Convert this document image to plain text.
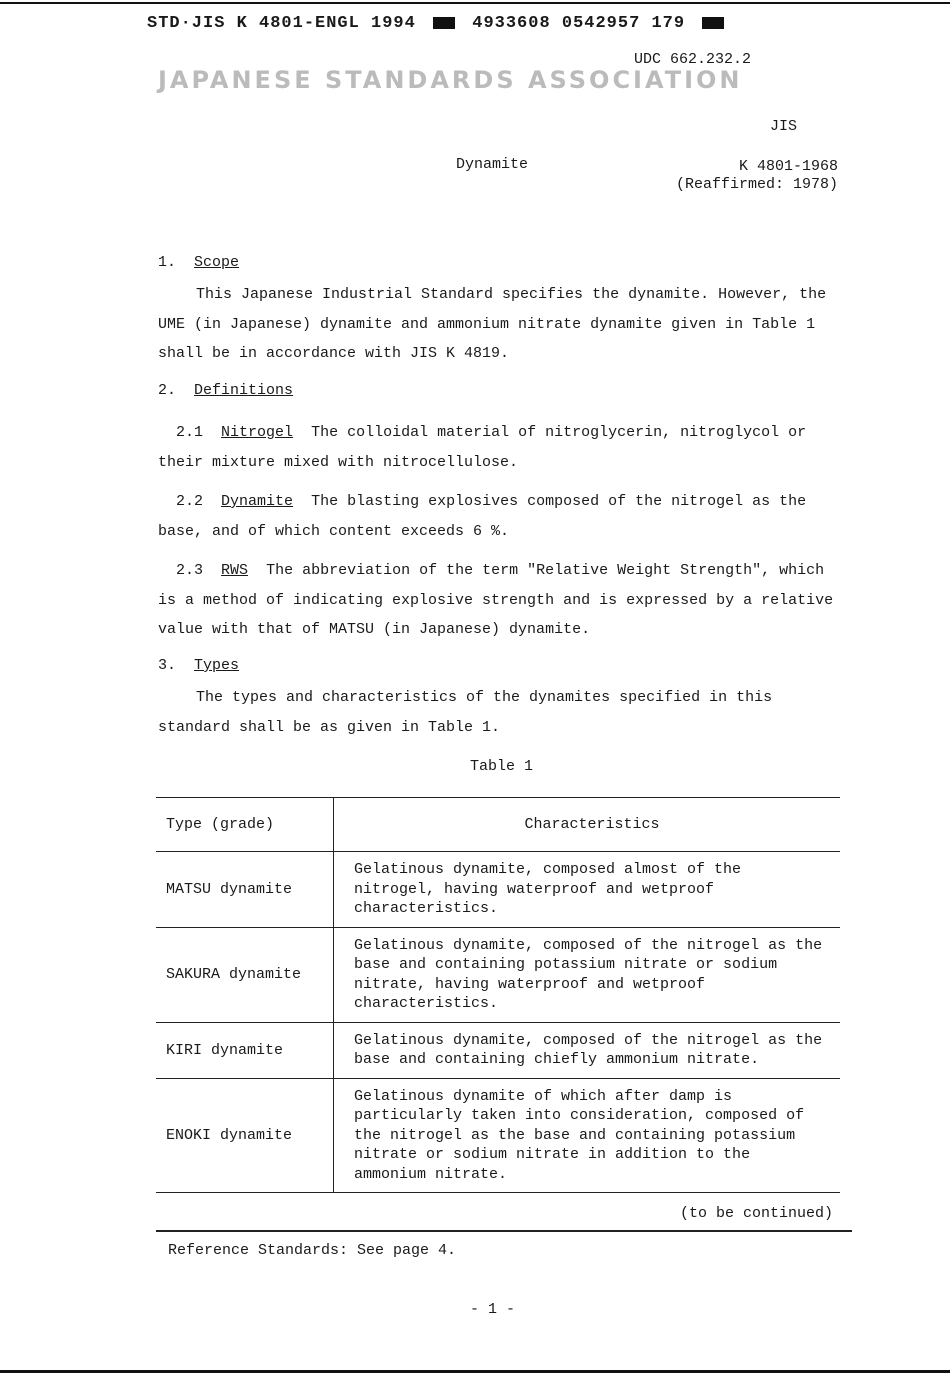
STD·JIS K 4801-ENGL 1994	4933608 0542957 179
UDC 662.232.2
JAPANESE STANDARDS ASSOCIATION
JIS
Dynamite	K 4801-1968
(Reaffirmed: 1978)
1. Scope
This Japanese Industrial Standard specifies the dynamite. However, the UME (in Japanese) dynamite and ammonium nitrate dynamite given in Table 1 shall be in accordance with JIS K 4819.
2. Definitions
2.1 Nitrogel The colloidal material of nitroglycerin, nitroglycol or their mixture mixed with nitrocellulose.
2.2 Dynamite The blasting explosives composed of the nitrogel as the base, and of which content exceeds 6 %.
2.3 RWS The abbreviation of the term "Relative Weight Strength", which is a method of indicating explosive strength and is expressed by a relative value with that of MATSU (in Japanese) dynamite.
3. Types
The types and characteristics of the dynamites specified in this standard shall be as given in Table 1.
Table 1
Type (grade)	Characteristics
MATSU dynamite	Gelatinous dynamite, composed almost of the nitrogel, having waterproof and wetproof characteristics.
SAKURA dynamite	Gelatinous dynamite, composed of the nitrogel as the base and containing potassium nitrate or sodium nitrate, having waterproof and wetproof characteristics.
KIRI dynamite	Gelatinous dynamite, composed of the nitrogel as the base and containing chiefly ammonium nitrate.
ENOKI dynamite	Gelatinous dynamite of which after damp is particularly taken into consideration, composed of the nitrogel as the base and containing potassium nitrate or sodium nitrate in addition to the ammonium nitrate.
(to be continued)
Reference Standards: See page 4.
- 1 -
